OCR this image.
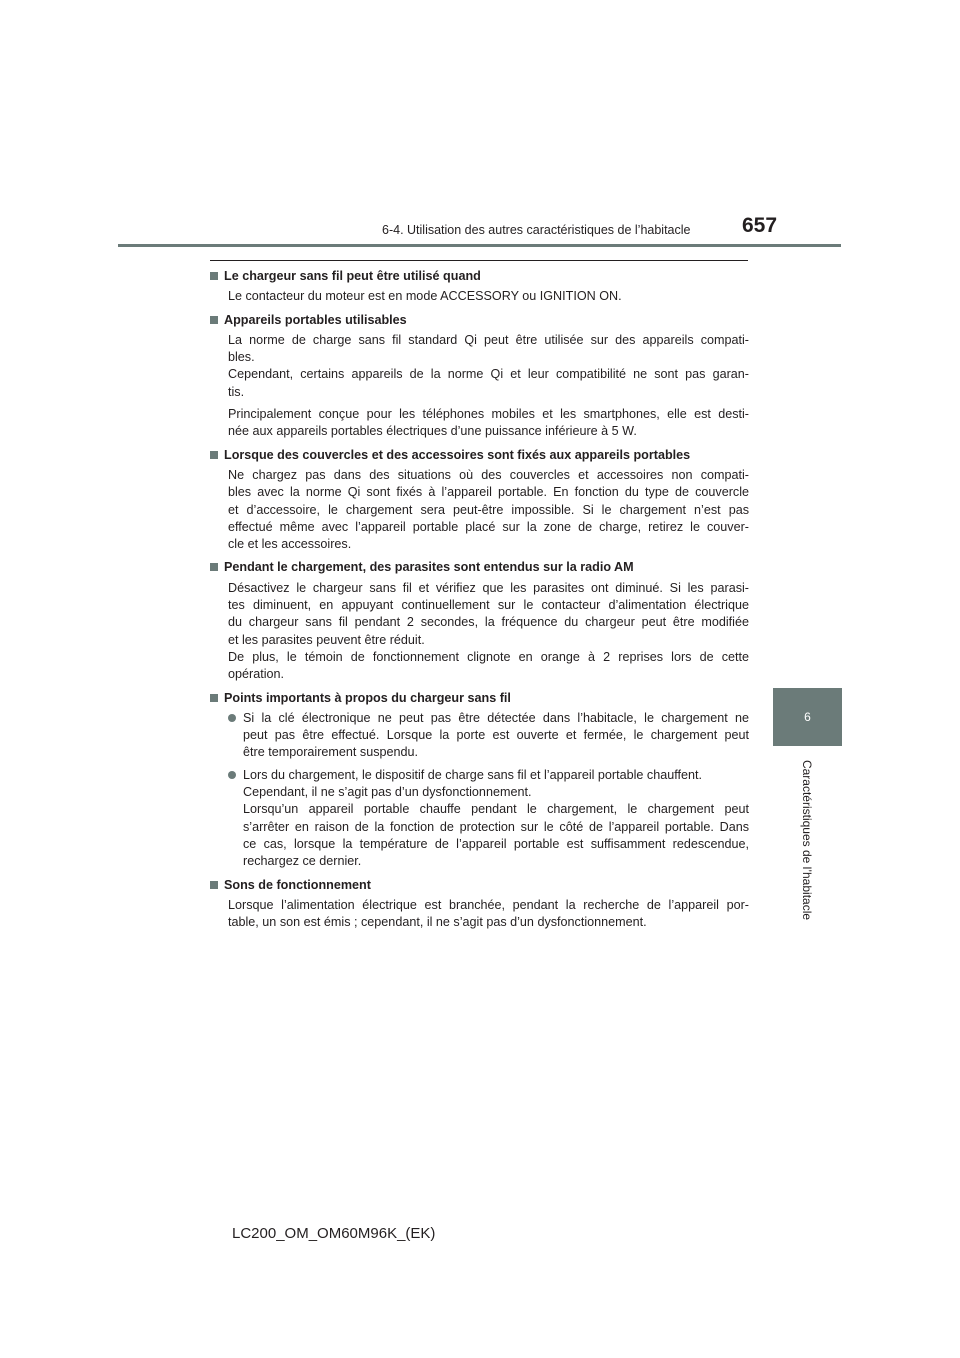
6-4. Utilisation des autres caractéristiques de l’habitacle	657
6
Caractéristiques de l’habitacle
Le chargeur sans fil peut être utilisé quand
Le contacteur du moteur est en mode ACCESSORY ou IGNITION ON.
Appareils portables utilisables
La norme de charge sans fil standard Qi peut être utilisée sur des appareils compati-
bles.
Cependant, certains appareils de la norme Qi et leur compatibilité ne sont pas garan-
tis.
Principalement conçue pour les téléphones mobiles et les smartphones, elle est desti-
née aux appareils portables électriques d’une puissance inférieure à 5 W.
Lorsque des couvercles et des accessoires sont fixés aux appareils portables
Ne chargez pas dans des situations où des couvercles et accessoires non compati-
bles avec la norme Qi sont fixés à l’appareil portable. En fonction du type de couvercle
et d’accessoire, le chargement sera peut-être impossible. Si le chargement n’est pas
effectué même avec l’appareil portable placé sur la zone de charge, retirez le couver-
cle et les accessoires.
Pendant le chargement, des parasites sont entendus sur la radio AM
Désactivez le chargeur sans fil et vérifiez que les parasites ont diminué. Si les parasi-
tes diminuent, en appuyant continuellement sur le contacteur d’alimentation électrique
du chargeur sans fil pendant 2 secondes, la fréquence du chargeur peut être modifiée
et les parasites peuvent être réduit.
De plus, le témoin de fonctionnement clignote en orange à 2 reprises lors de cette
opération.
Points importants à propos du chargeur sans fil
Si la clé électronique ne peut pas être détectée dans l’habitacle, le chargement ne
peut pas être effectué. Lorsque la porte est ouverte et fermée, le chargement peut
être temporairement suspendu.
Lors du chargement, le dispositif de charge sans fil et l’appareil portable chauffent.
Cependant, il ne s’agit pas d’un dysfonctionnement.
Lorsqu’un appareil portable chauffe pendant le chargement, le chargement peut
s’arrêter en raison de la fonction de protection sur le côté de l’appareil portable. Dans
ce cas, lorsque la température de l’appareil portable est suffisamment redescendue,
rechargez ce dernier.
Sons de fonctionnement
Lorsque l’alimentation électrique est branchée, pendant la recherche de l’appareil por-
table, un son est émis ; cependant, il ne s’agit pas d’un dysfonctionnement.
LC200_OM_OM60M96K_(EK)
